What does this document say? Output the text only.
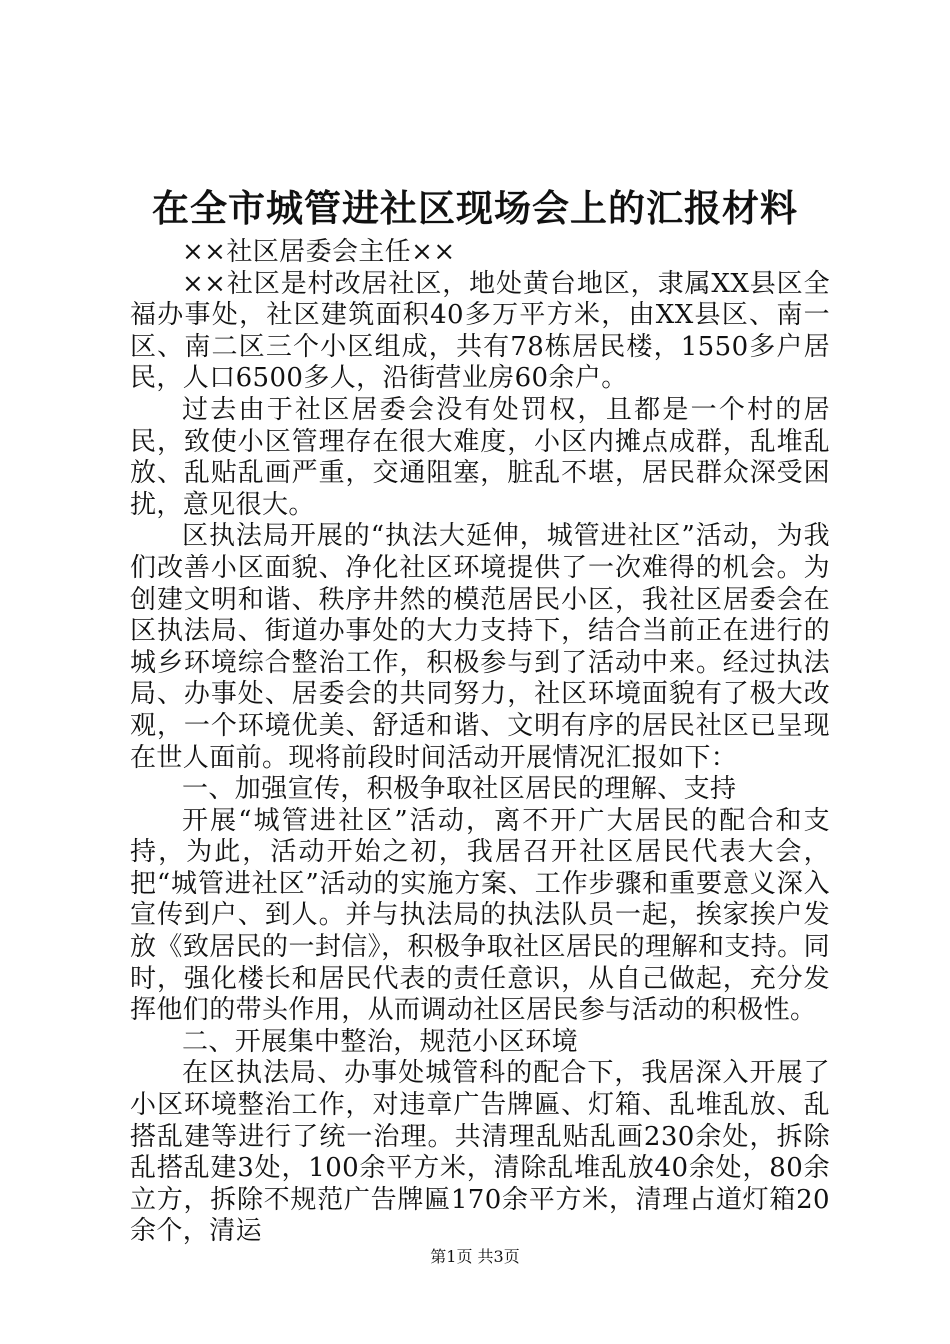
在全市城管进社区现场会上的汇报材料

××社区居委会主任××

××社区是村改居社区，地处黄台地区，隶属XX县区全福办事处，社区建筑面积40多万平方米，由XX县区、南一区、南二区三个小区组成，共有78栋居民楼，1550多户居民，人口6500多人，沿街营业房60余户。

过去由于社区居委会没有处罚权，且都是一个村的居民，致使小区管理存在很大难度，小区内摊点成群，乱堆乱放、乱贴乱画严重，交通阻塞，脏乱不堪，居民群众深受困扰，意见很大。

区执法局开展的“执法大延伸，城管进社区”活动，为我们改善小区面貌、净化社区环境提供了一次难得的机会。为创建文明和谐、秩序井然的模范居民小区，我社区居委会在区执法局、街道办事处的大力支持下，结合当前正在进行的城乡环境综合整治工作，积极参与到了活动中来。经过执法局、办事处、居委会的共同努力，社区环境面貌有了极大改观，一个环境优美、舒适和谐、文明有序的居民社区已呈现在世人面前。现将前段时间活动开展情况汇报如下：

一、加强宣传，积极争取社区居民的理解、支持

开展“城管进社区”活动，离不开广大居民的配合和支持，为此，活动开始之初，我居召开社区居民代表大会，把“城管进社区”活动的实施方案、工作步骤和重要意义深入宣传到户、到人。并与执法局的执法队员一起，挨家挨户发放《致居民的一封信》，积极争取社区居民的理解和支持。同时，强化楼长和居民代表的责任意识，从自己做起，充分发挥他们的带头作用，从而调动社区居民参与活动的积极性。

二、开展集中整治，规范小区环境

在区执法局、办事处城管科的配合下，我居深入开展了小区环境整治工作，对违章广告牌匾、灯箱、乱堆乱放、乱搭乱建等进行了统一治理。共清理乱贴乱画230余处，拆除乱搭乱建3处，100余平方米，清除乱堆乱放40余处，80余立方，拆除不规范广告牌匾170余平方米，清理占道灯箱20余个，清运

第1页 共3页
